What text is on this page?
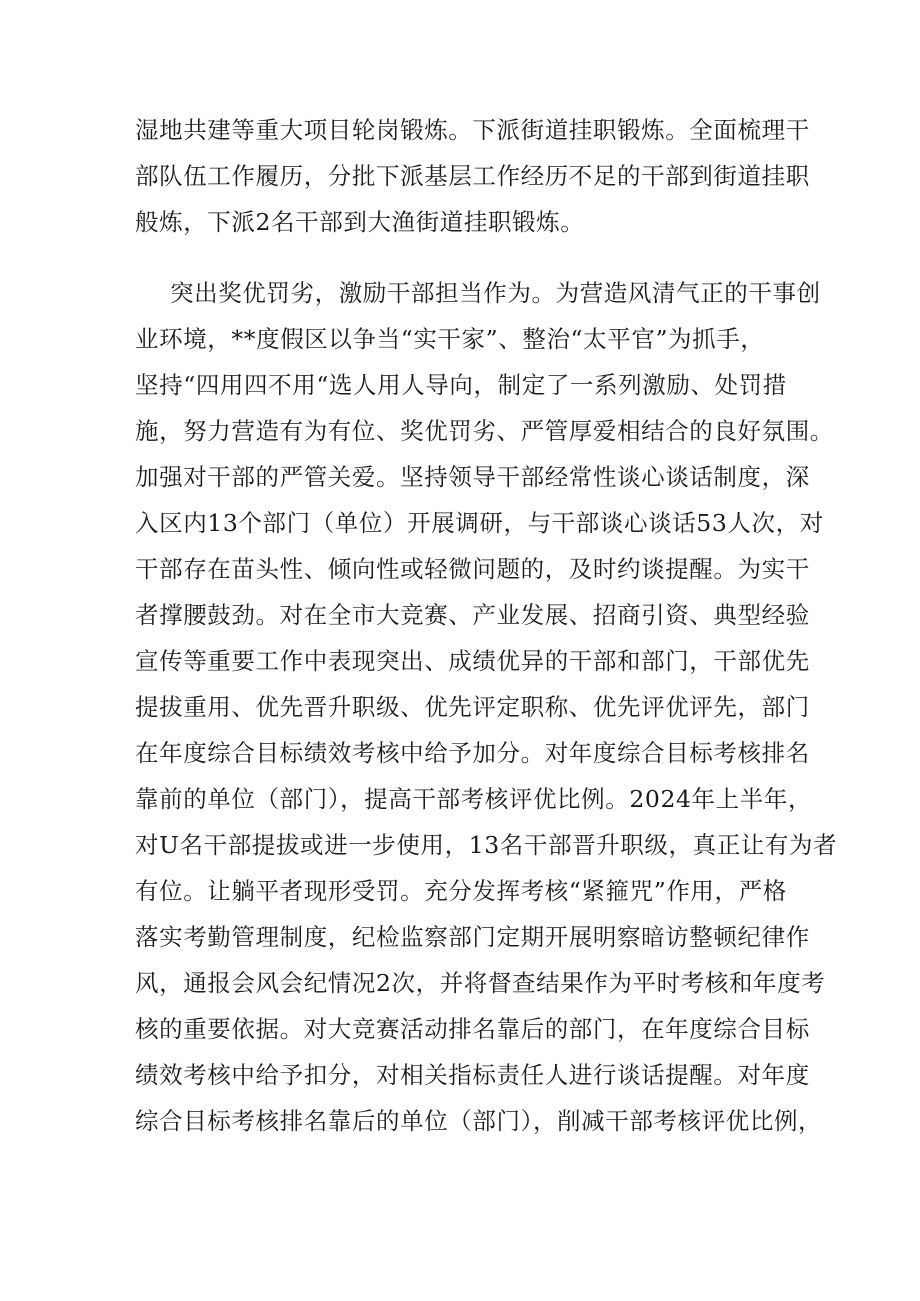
湿地共建等重大项目轮岗锻炼。下派街道挂职锻炼。全面梳理干
部队伍工作履历，分批下派基层工作经历不足的干部到街道挂职
般炼，下派2名干部到大渔街道挂职锻炼。
突出奖优罚劣，激励干部担当作为。为营造风清气正的干事创
业环境，**度假区以争当“实干家”、整治“太平官”为抓手，
坚持“四用四不用“选人用人导向，制定了一系列激励、处罚措
施，努力营造有为有位、奖优罚劣、严管厚爱相结合的良好氛围。
加强对干部的严管关爱。坚持领导干部经常性谈心谈话制度，深
入区内13个部门（单位）开展调研，与干部谈心谈话53人次，对
干部存在苗头性、倾向性或轻微问题的，及时约谈提醒。为实干
者撑腰鼓劲。对在全市大竞赛、产业发展、招商引资、典型经验
宣传等重要工作中表现突出、成绩优异的干部和部门，干部优先
提拔重用、优先晋升职级、优先评定职称、优先评优评先，部门
在年度综合目标绩效考核中给予加分。对年度综合目标考核排名
靠前的单位（部门），提高干部考核评优比例。2024年上半年，
对U名干部提拔或进一步使用，13名干部晋升职级，真正让有为者
有位。让躺平者现形受罚。充分发挥考核“紧箍咒”作用，严格
落实考勤管理制度，纪检监察部门定期开展明察暗访整顿纪律作
风，通报会风会纪情况2次，并将督查结果作为平时考核和年度考
核的重要依据。对大竞赛活动排名靠后的部门，在年度综合目标
绩效考核中给予扣分，对相关指标责任人进行谈话提醒。对年度
综合目标考核排名靠后的单位（部门），削减干部考核评优比例，
